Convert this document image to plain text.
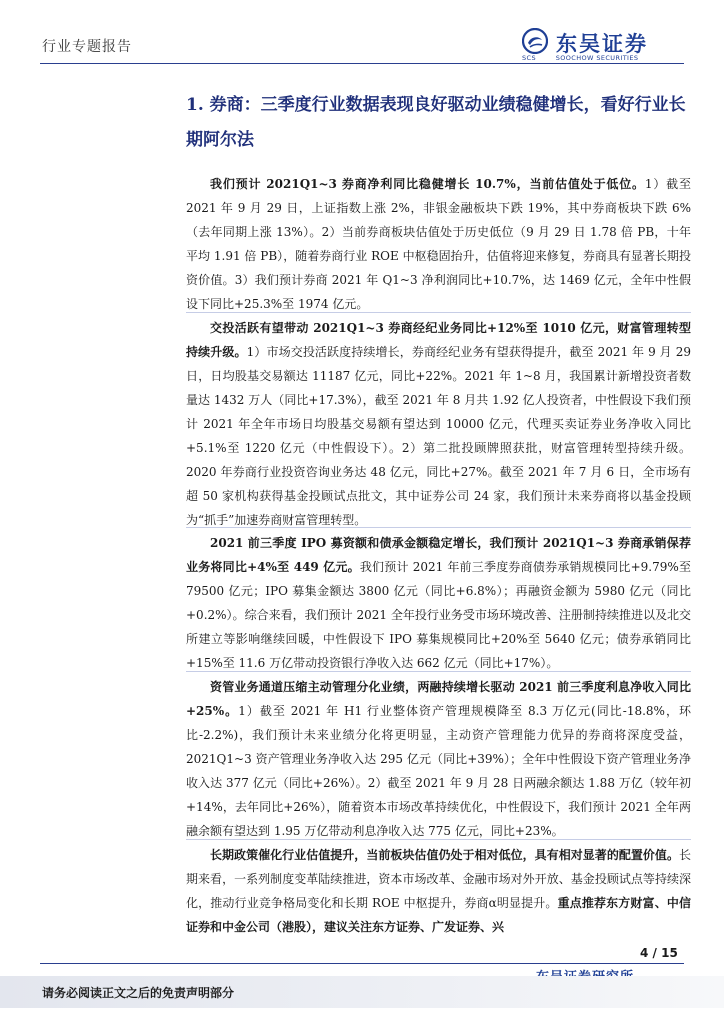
行业专题报告	东吴证券
SCS	SOOCHOW SECURITIES
1. 券商：三季度行业数据表现良好驱动业绩稳健增长，看好行业长期阿尔法
我们预计 2021Q1~3 券商净利同比稳健增长 10.7%，当前估值处于低位。1）截至 2021 年 9 月 29 日，上证指数上涨 2%，非银金融板块下跌 19%，其中券商板块下跌 6%（去年同期上涨 13%）。2）当前券商板块估值处于历史低位（9 月 29 日 1.78 倍 PB，十年平均 1.91 倍 PB），随着券商行业 ROE 中枢稳固抬升，估值将迎来修复，券商具有显著长期投资价值。3）我们预计券商 2021 年 Q1~3 净利润同比+10.7%，达 1469 亿元，全年中性假设下同比+25.3%至 1974 亿元。
交投活跃有望带动 2021Q1~3 券商经纪业务同比+12%至 1010 亿元，财富管理转型持续升级。1）市场交投活跃度持续增长，券商经纪业务有望获得提升，截至 2021 年 9 月 29 日，日均股基交易额达 11187 亿元，同比+22%。2021 年 1~8 月，我国累计新增投资者数量达 1432 万人（同比+17.3%），截至 2021 年 8 月共 1.92 亿人投资者，中性假设下我们预计 2021 年全年市场日均股基交易额有望达到 10000 亿元，代理买卖证券业务净收入同比+5.1%至 1220 亿元（中性假设下）。2）第二批投顾牌照获批，财富管理转型持续升级。2020 年券商行业投资咨询业务达 48 亿元，同比+27%。截至 2021 年 7 月 6 日，全市场有超 50 家机构获得基金投顾试点批文，其中证券公司 24 家，我们预计未来券商将以基金投顾为“抓手”加速券商财富管理转型。
2021 前三季度 IPO 募资额和债承金额稳定增长，我们预计 2021Q1~3 券商承销保荐业务将同比+4%至 449 亿元。我们预计 2021 年前三季度券商债券承销规模同比+9.79%至 79500 亿元；IPO 募集金额达 3800 亿元（同比+6.8%）；再融资金额为 5980 亿元（同比+0.2%）。综合来看，我们预计 2021 全年投行业务受市场环境改善、注册制持续推进以及北交所建立等影响继续回暖，中性假设下 IPO 募集规模同比+20%至 5640 亿元；债券承销同比+15%至 11.6 万亿带动投资银行净收入达 662 亿元（同比+17%）。
资管业务通道压缩主动管理分化业绩，两融持续增长驱动 2021 前三季度利息净收入同比+25%。1）截至 2021 年 H1 行业整体资产管理规模降至 8.3 万亿元(同比-18.8%，环比-2.2%)，我们预计未来业绩分化将更明显，主动资产管理能力优异的券商将深度受益，2021Q1~3 资产管理业务净收入达 295 亿元（同比+39%）；全年中性假设下资产管理业务净收入达 377 亿元（同比+26%）。2）截至 2021 年 9 月 28 日两融余额达 1.88 万亿（较年初+14%，去年同比+26%），随着资本市场改革持续优化，中性假设下，我们预计 2021 全年两融余额有望达到 1.95 万亿带动利息净收入达 775 亿元，同比+23%。
长期政策催化行业估值提升，当前板块估值仍处于相对低位，具有相对显著的配置价值。长期来看，一系列制度变革陆续推进，资本市场改革、金融市场对外开放、基金投顾试点等持续深化，推动行业竞争格局变化和长期 ROE 中枢提升，券商α明显提升。重点推荐东方财富、中信证券和中金公司（港股），建议关注东方证券、广发证券、兴
4 / 15
请务必阅读正文之后的免责声明部分
